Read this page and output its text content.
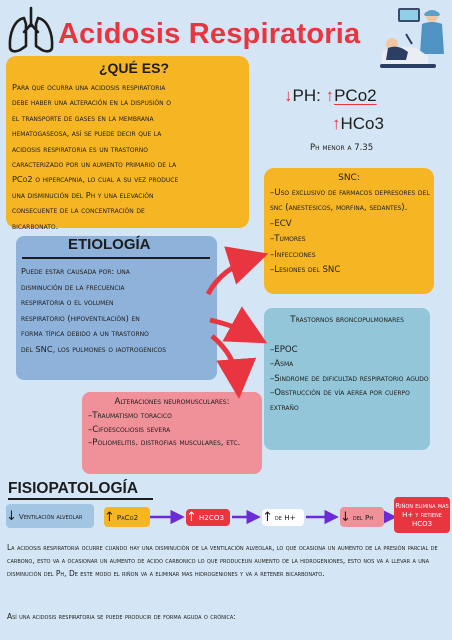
Acidosis Respiratoria
¿QUÉ ES?
Para que ocurra una acidosis respiratoria
debe haber una alteración en la dispusión o
el transporte de gases en la membrana
hematogaseosa, así se puede decir que la
acidosis respiratoria es un trastorno
caracterizado por un aumento primario de la
PCo2 o hipercapnia, lo cual a su vez produce
una disminución del Ph y una elevación
consecuente de la concentración de
bicarbonato.
↓PH: ↑PCo2
↑HCo3
Ph menor a 7.35
SNC:
–Uso exclusivo de farmacos depresores del snc (anestesicos, morfina, sedantes).
–ECV
–Tumores
–Infecciones
–Lesiones del SNC
ETIOLOGÍA
Puede estar causada por: una
disminución de la frecuencia
respiratoria o el volumen
respiratorio (hipoventilación) en
forma típica debido a un trastorno
del SNC, los pulmones o iaotrogenicos
Trastornos broncopulmonares
–EPOC
–Asma
–Sindrome de dificultad respiratorio agudo
–Obstrucción de vía aerea por cuerpo extraño
Alteraciones neuromusculares:
–Traumatismo toracico
–Cifoescoliosis severa
–Poliomelitis. distrofias musculares, etc.
FISIOPATOLOGÍA
↓ Ventilación alveolar ↑ PaCo2	↑ H2CO3	↑ de H+	↓ del Ph
Riñon elimina mas H+ y retiene HCO3
La acidosis respiratoria ocurre cuando hay una disminución de la ventilación alveolar, lo que ocasiona un aumento de la presión parcial de carbono, esto va a ocasionar un aumento de acido carbonico lo que produceun aumento de la hidrogeniones, esto nos va a llevar a una disminución del Ph, De este modo el riñon va a eliminar mas hidrogeniones y va a retener bicarbonato.
Así una acidosis respiratoria se puede producir de forma aguda o crónica:
